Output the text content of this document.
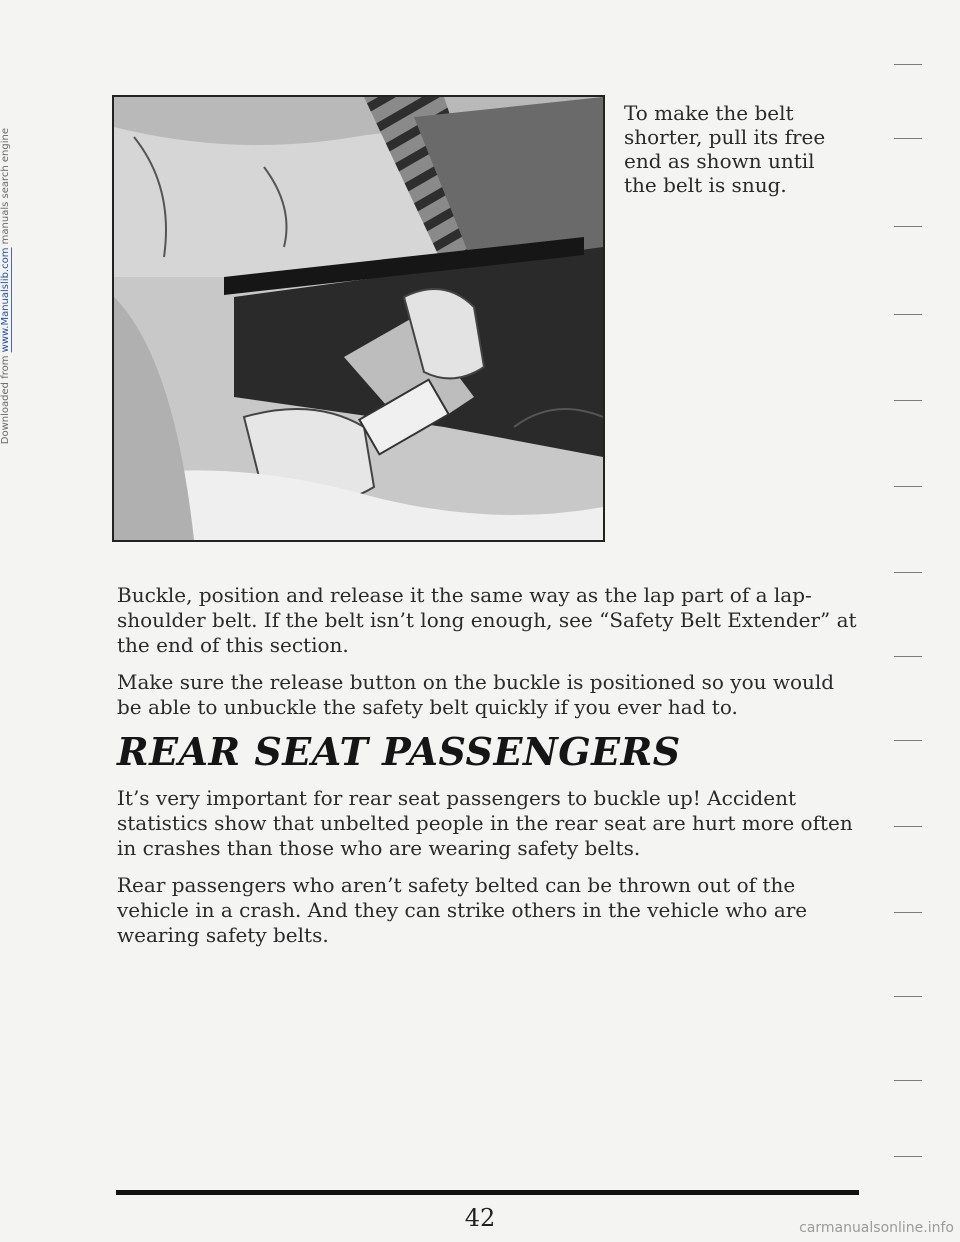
Downloaded from www.Manualslib.com manuals search engine
To make the belt shorter, pull its free end as shown until the belt is snug.

Buckle, position and release it the same way as the lap part of a lap-shoulder belt. If the belt isn’t long enough, see “Safety Belt Extender” at the end of this section.

Make sure the release button on the buckle is positioned so you would be able to unbuckle the safety belt quickly if you ever had to.

REAR SEAT PASSENGERS

It’s very important for rear seat passengers to buckle up! Accident statistics show that unbelted people in the rear seat are hurt more often in crashes than those who are wearing safety belts.

Rear passengers who aren’t safety belted can be thrown out of the vehicle in a crash. And they can strike others in the vehicle who are wearing safety belts.

42	carmanualsonline.info
